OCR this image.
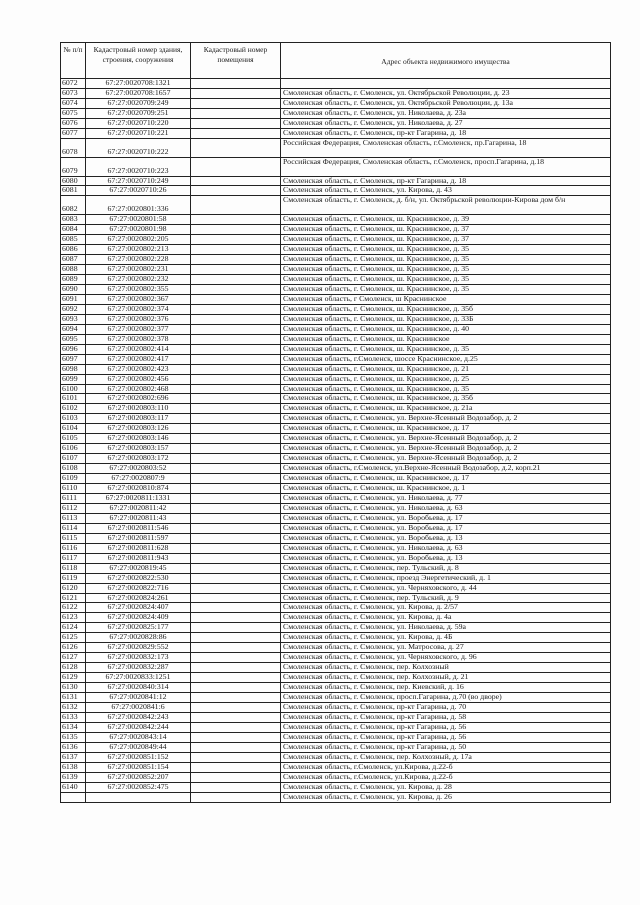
№ п/п	Кадастровый номер здания, строения, сооружения	Кадастровый номер помещения	Адрес объекта недвижимого имущества
6072	67:27:0020708:1321		
6073	67:27:0020708:1657		Смоленская область, г. Смоленск, ул. Октябрьской Революции, д. 23
6074	67:27:0020709:249		Смоленская область, г. Смоленск, ул. Октябрьской Революции, д. 13а
6075	67:27:0020709:251		Смоленская область, г. Смоленск, ул. Николаева, д. 23а
6076	67:27:0020710:220		Смоленская область, г. Смоленск, ул. Николаева, д. 27
6077	67:27:0020710:221		Смоленская область, г. Смоленск, пр-кт Гагарина, д. 18
6078	67:27:0020710:222		Российская Федерация, Смоленская область, г.Смоленск, пр.Гагарина, 18
6079	67:27:0020710:223		Российская Федерация, Смоленская область, г.Смоленск, просп.Гагарина, д.18
6080	67:27:0020710:249		Смоленская область, г. Смоленск, пр-кт Гагарина, д. 18
6081	67:27:0020710:26		Смоленская область, г. Смоленск, ул. Кирова, д. 43
6082	67:27:0020801:336		Смоленская область, г. Смоленск, д. б/н, ул. Октябрьской революции-Кирова дом б/н
6083	67:27:0020801:58		Смоленская область, г. Смоленск, ш. Краснинское, д. 39
6084	67:27:0020801:98		Смоленская область, г. Смоленск, ш. Краснинское, д. 37
6085	67:27:0020802:205		Смоленская область, г. Смоленск, ш. Краснинское, д. 37
6086	67:27:0020802:213		Смоленская область, г. Смоленск, ш. Краснинское, д. 35
6087	67:27:0020802:228		Смоленская область, г. Смоленск, ш. Краснинское, д. 35
6088	67:27:0020802:231		Смоленская область, г. Смоленск, ш. Краснинское, д. 35
6089	67:27:0020802:232		Смоленская область, г. Смоленск, ш. Краснинское, д. 35
6090	67:27:0020802:355		Смоленская область, г. Смоленск, ш. Краснинское, д. 35
6091	67:27:0020802:367		Смоленская область, г Смоленск, ш Краснинское
6092	67:27:0020802:374		Смоленская область, г. Смоленск, ш. Краснинское, д. 35б
6093	67:27:0020802:376		Смоленская область, г. Смоленск, ш. Краснинское, д. 33Б
6094	67:27:0020802:377		Смоленская область, г. Смоленск, ш. Краснинское, д. 40
6095	67:27:0020802:378		Смоленская область, г. Смоленск, ш. Краснинское
6096	67:27:0020802:414		Смоленская область, г. Смоленск, ш. Краснинское, д. 35
6097	67:27:0020802:417		Смоленская область, г.Смоленск, шоссе Краснинское, д.25
6098	67:27:0020802:423		Смоленская область, г. Смоленск, ш. Краснинское, д. 21
6099	67:27:0020802:456		Смоленская область, г. Смоленск, ш. Краснинское, д. 25
6100	67:27:0020802:468		Смоленская область, г. Смоленск, ш. Краснинское, д. 35
6101	67:27:0020802:696		Смоленская область, г. Смоленск, ш. Краснинское, д. 35б
6102	67:27:0020803:110		Смоленская область, г. Смоленск, ш. Краснинское, д. 21а
6103	67:27:0020803:117		Смоленская область, г. Смоленск, ул. Верхне-Ясенный Водозабор, д. 2
6104	67:27:0020803:126		Смоленская область, г. Смоленск, ш. Краснинское, д. 17
6105	67:27:0020803:146		Смоленская область, г. Смоленск, ул. Верхне-Ясенный Водозабор, д. 2
6106	67:27:0020803:157		Смоленская область, г. Смоленск, ул. Верхне-Ясенный Водозабор, д. 2
6107	67:27:0020803:172		Смоленская область, г. Смоленск, ул. Верхне-Ясенный Водозабор, д. 2
6108	67:27:0020803:52		Смоленская область, г.Смоленск, ул.Верхне-Ясенный Водозабор, д.2, корп.21
6109	67:27:0020807:9		Смоленская область, г. Смоленск, ш. Краснинское, д. 17
6110	67:27:0020810:874		Смоленская область, г. Смоленск, ш. Краснинское, д. 1
6111	67:27:0020811:1331		Смоленская область, г. Смоленск, ул. Николаева, д. 77
6112	67:27:0020811:42		Смоленская область, г. Смоленск, ул. Николаева, д. 63
6113	67:27:0020811:43		Смоленская область, г. Смоленск, ул. Воробьева, д. 17
6114	67:27:0020811:546		Смоленская область, г. Смоленск, ул. Воробьева, д. 17
6115	67:27:0020811:597		Смоленская область, г. Смоленск, ул. Воробьева, д. 13
6116	67:27:0020811:628		Смоленская область, г. Смоленск, ул. Николаева, д. 63
6117	67:27:0020811:943		Смоленская область, г. Смоленск, ул. Воробьева, д. 13
6118	67:27:0020819:45		Смоленская область, г. Смоленск, пер. Тульский, д. 8
6119	67:27:0020822:530		Смоленская область, г. Смоленск, проезд Энергетический, д. 1
6120	67:27:0020822:716		Смоленская область, г. Смоленск, ул. Черняховского, д. 44
6121	67:27:0020824:261		Смоленская область, г. Смоленск, пер. Тульский, д. 9
6122	67:27:0020824:407		Смоленская область, г. Смоленск, ул. Кирова, д. 2/57
6123	67:27:0020824:409		Смоленская область, г. Смоленск, ул. Кирова, д. 4а
6124	67:27:0020825:177		Смоленская область, г. Смоленск, ул. Николаева, д. 59а
6125	67:27:0020828:86		Смоленская область, г. Смоленск, ул. Кирова, д. 4Б
6126	67:27:0020829:552		Смоленская область, г. Смоленск, ул. Матросова, д. 27
6127	67:27:0020832:173		Смоленская область, г. Смоленск, ул. Черняховского, д. 96
6128	67:27:0020832:287		Смоленская область, г. Смоленск, пер. Колхозный
6129	67:27:0020833:1251		Смоленская область, г. Смоленск, пер. Колхозный, д. 21
6130	67:27:0020840:314		Смоленская область, г. Смоленск, пер. Киевский, д. 16
6131	67:27:0020841:12		Смоленская область, г. Смоленск, просп.Гагарина, д.70 (во дворе)
6132	67:27:0020841:6		Смоленская область, г. Смоленск, пр-кт Гагарина, д. 70
6133	67:27:0020842:243		Смоленская область, г. Смоленск, пр-кт Гагарина, д. 58
6134	67:27:0020842:244		Смоленская область, г. Смоленск, пр-кт Гагарина, д. 56
6135	67:27:0020843:14		Смоленская область, г. Смоленск, пр-кт Гагарина, д. 56
6136	67:27:0020849:44		Смоленская область, г. Смоленск, пр-кт Гагарина, д. 50
6137	67:27:0020851:152		Смоленская область, г. Смоленск, пер. Колхозный, д. 17а
6138	67:27:0020851:154		Смоленская область, г.Смоленск, ул.Кирова, д.22-б
6139	67:27:0020852:207		Смоленская область, г.Смоленск, ул.Кирова, д.22-б
6140	67:27:0020852:475		Смоленская область, г. Смоленск, ул. Кирова, д. 28
			Смоленская область, г. Смоленск, ул. Кирова, д. 26
